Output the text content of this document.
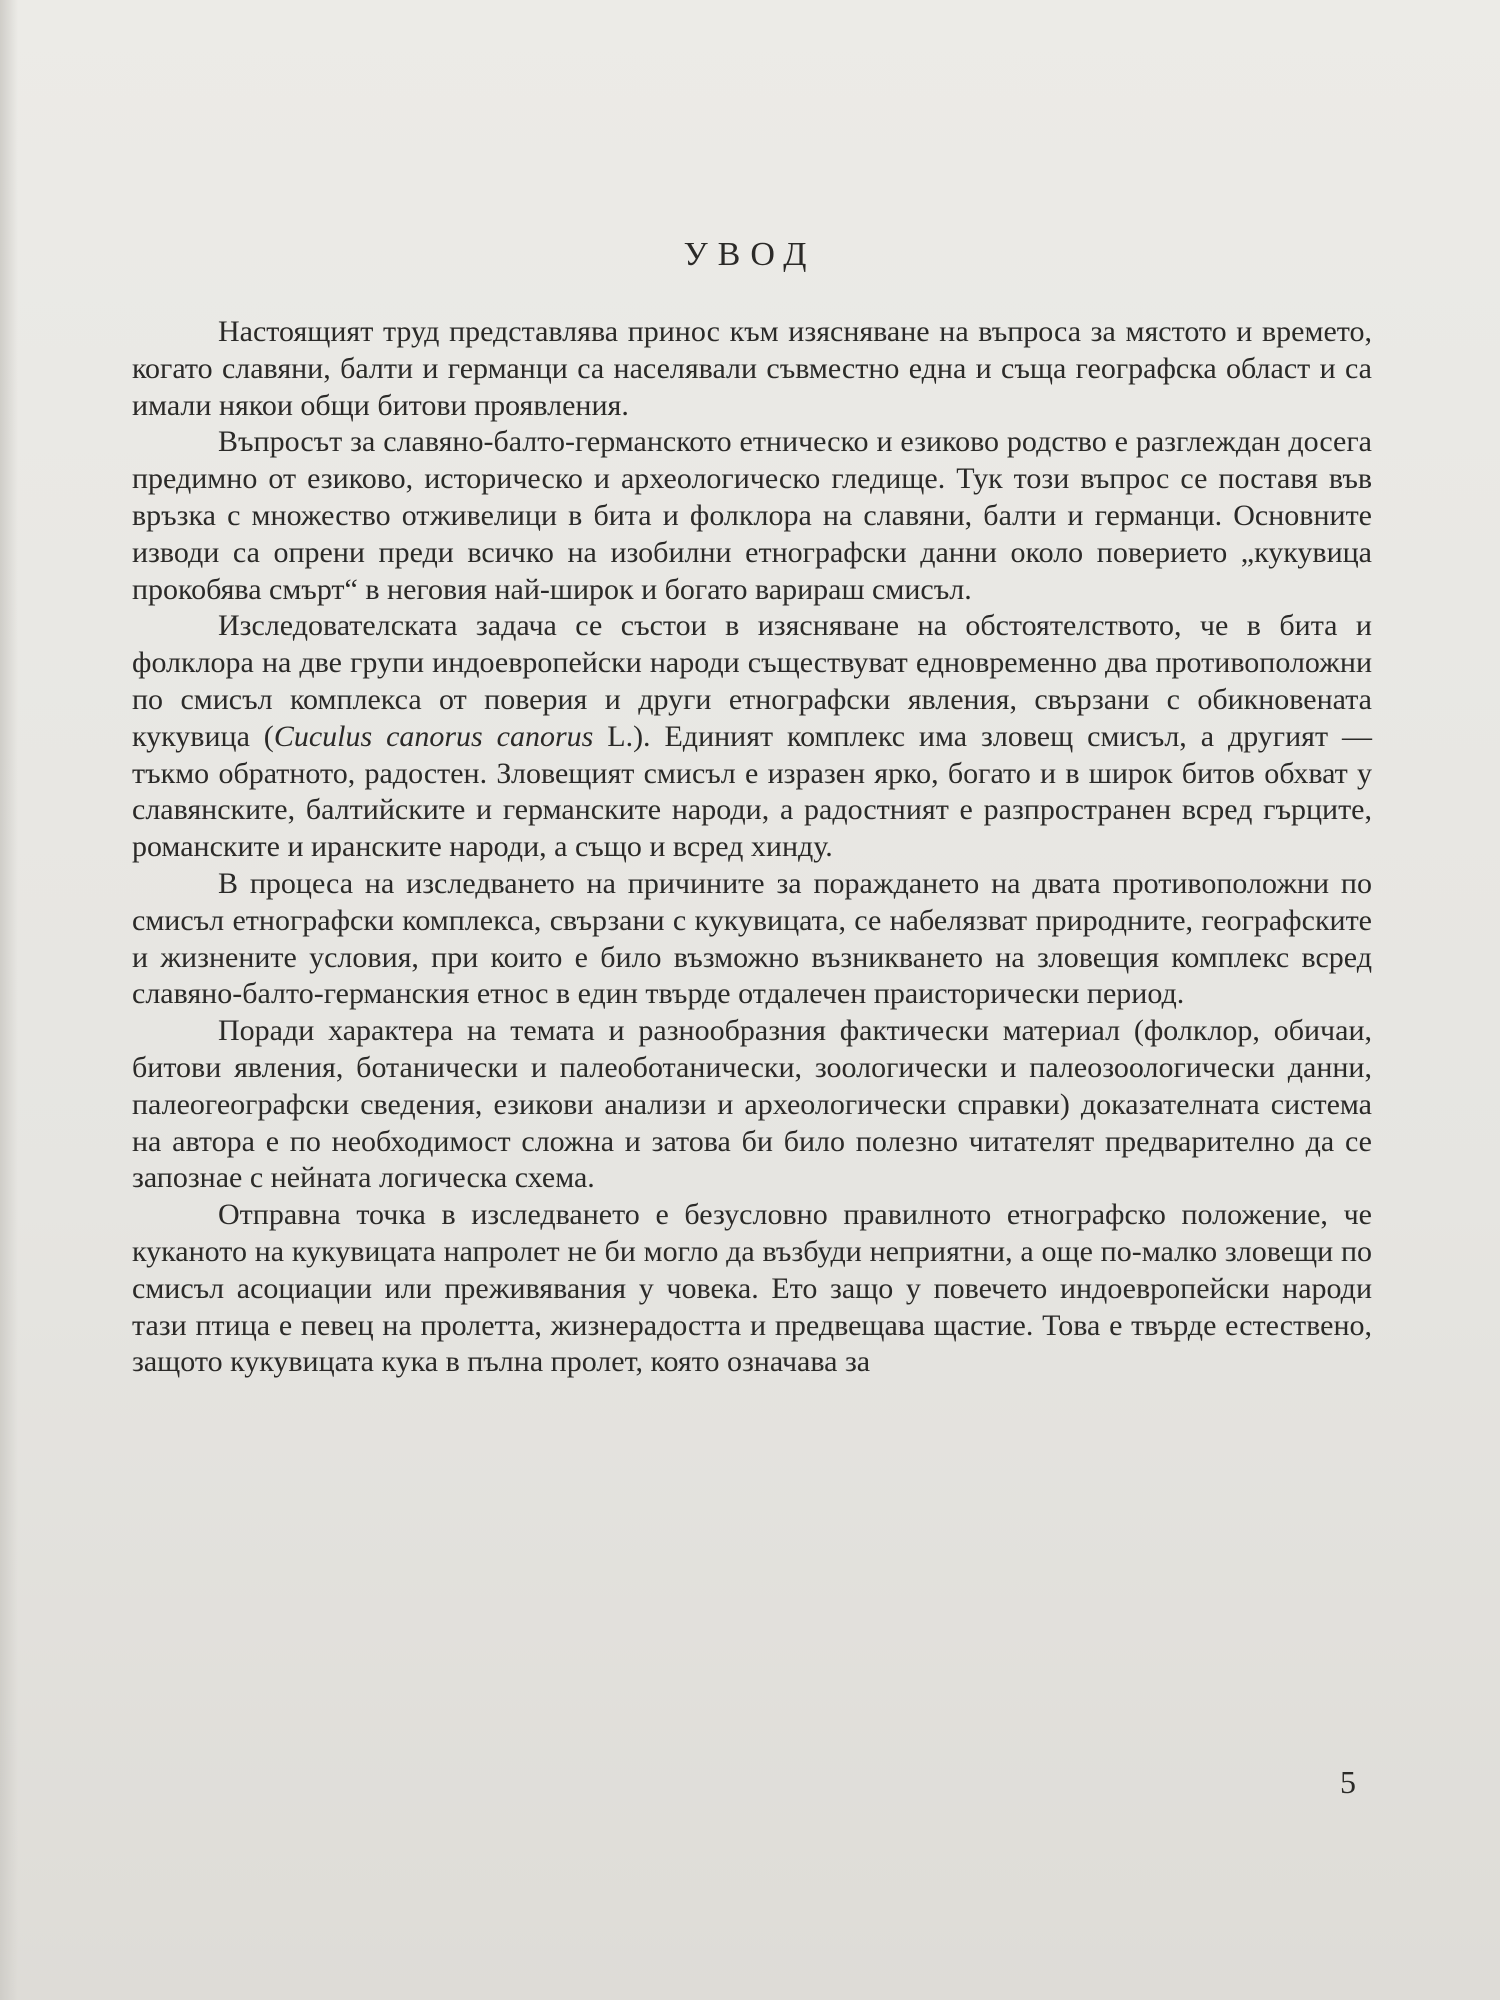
УВОД

Настоящият труд представлява принос към изясняване на въпроса за мястото и времето, когато славяни, балти и германци са населявали съвместно една и съща географска област и са имали някои общи битови проявления.

Въпросът за славяно-балто-германското етническо и езиково родство е разглеждан досега предимно от езиково, историческо и археологическо гледище. Тук този въпрос се поставя във връзка с множество отживелици в бита и фолклора на славяни, балти и германци. Основните изводи са опрени преди всичко на изобилни етнографски данни около поверието „кукувица прокобява смърт“ в неговия най-широк и богато варираш смисъл.

Изследователската задача се състои в изясняване на обстоятелството, че в бита и фолклора на две групи индоевропейски народи съществуват едновременно два противоположни по смисъл комплекса от поверия и други етнографски явления, свързани с обикновената кукувица (Cuculus canorus canorus L.). Единият комплекс има зловещ смисъл, а другият — тъкмо обратното, радостен. Зловещият смисъл е изразен ярко, богато и в широк битов обхват у славянските, балтийските и германските народи, а радостният е разпространен всред гърците, романските и иранските народи, а също и всред хинду.

В процеса на изследването на причините за пораждането на двата противоположни по смисъл етнографски комплекса, свързани с кукувицата, се набелязват природните, географските и жизнените условия, при които е било възможно възникването на зловещия комплекс всред славяно-балто-германския етнос в един твърде отдалечен праисторически период.

Поради характера на темата и разнообразния фактически материал (фолклор, обичаи, битови явления, ботанически и палеоботанически, зоологически и палеозоологически данни, палеогеографски сведения, езикови анализи и археологически справки) доказателната система на автора е по необходимост сложна и затова би било полезно читателят предварително да се запознае с нейната логическа схема.

Отправна точка в изследването е безусловно правилното етнографско положение, че куканото на кукувицата напролет не би могло да възбуди неприятни, а още по-малко зловещи по смисъл асоциации или преживявания у човека. Ето защо у повечето индоевропейски народи тази птица е певец на пролетта, жизнерадостта и предвещава щастие. Това е твърде естествено, защото кукувицата кука в пълна пролет, която означава за

5
